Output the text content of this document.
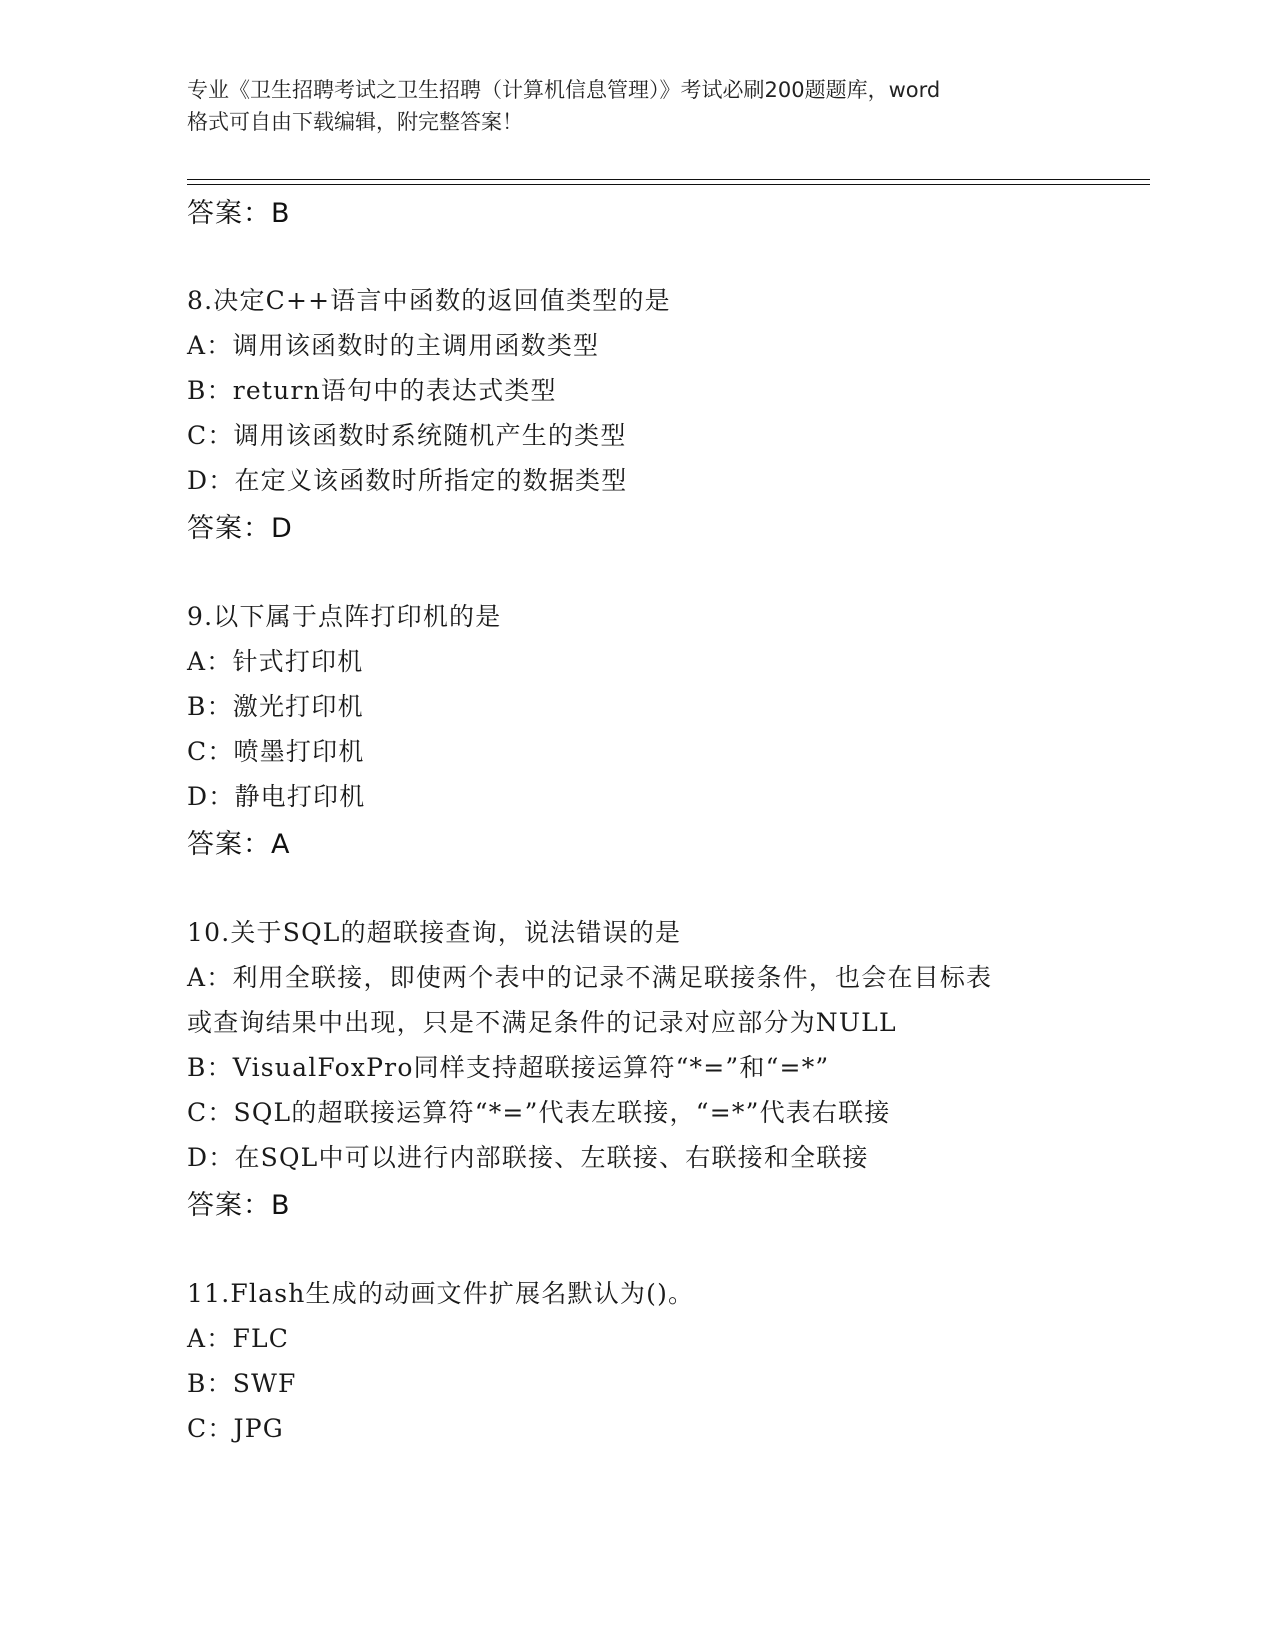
专业《卫生招聘考试之卫生招聘（计算机信息管理）》考试必刷200题题库，word

格式可自由下载编辑，附完整答案！

答案：B
8.决定C++语言中函数的返回值类型的是
A：调用该函数时的主调用函数类型
B：return语句中的表达式类型
C：调用该函数时系统随机产生的类型
D：在定义该函数时所指定的数据类型
答案：D
9.以下属于点阵打印机的是
A：针式打印机
B：激光打印机
C：喷墨打印机
D：静电打印机
答案：A
10.关于SQL的超联接查询，说法错误的是
A：利用全联接，即使两个表中的记录不满足联接条件，也会在目标表
或查询结果中出现，只是不满足条件的记录对应部分为NULL
B：VisualFoxPro同样支持超联接运算符“*=”和“=*”
C：SQL的超联接运算符“*=”代表左联接，“=*”代表右联接
D：在SQL中可以进行内部联接、左联接、右联接和全联接
答案：B
11.Flash生成的动画文件扩展名默认为()。
A：FLC
B：SWF
C：JPG
